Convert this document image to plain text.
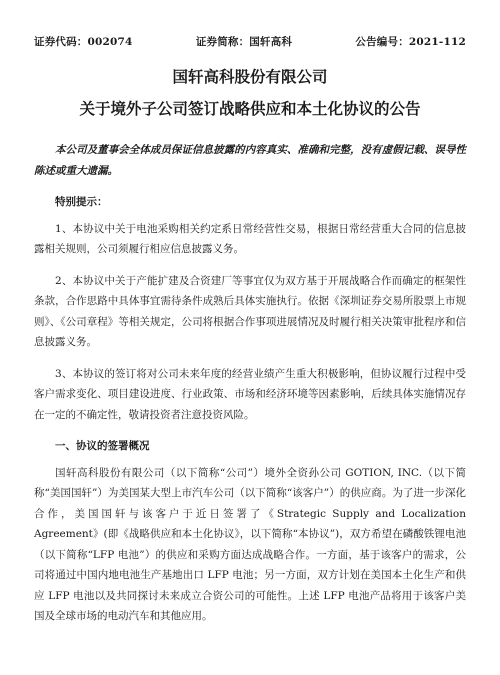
证券代码：002074	证券简称：国轩高科	公告编号：2021-112

国轩高科股份有限公司

关于境外子公司签订战略供应和本土化协议的公告

本公司及董事会全体成员保证信息披露的内容真实、准确和完整，没有虚假记载、误导性陈述或重大遗漏。

特别提示：

1、本协议中关于电池采购相关约定系日常经营性交易，根据日常经营重大合同的信息披露相关规则，公司须履行相应信息披露义务。

2、本协议中关于产能扩建及合资建厂等事宜仅为双方基于开展战略合作而确定的框架性条款，合作思路中具体事宜需待条件成熟后具体实施执行。依据《深圳证券交易所股票上市规则》、《公司章程》等相关规定，公司将根据合作事项进展情况及时履行相关决策审批程序和信息披露义务。

3、本协议的签订将对公司未来年度的经营业绩产生重大积极影响，但协议履行过程中受客户需求变化、项目建设进度、行业政策、市场和经济环境等因素影响，后续具体实施情况存在一定的不确定性，敬请投资者注意投资风险。

一、协议的签署概况

国轩高科股份有限公司（以下简称“公司”）境外全资孙公司 GOTION, INC.（以下简称“美国国轩”）为美国某大型上市汽车公司（以下简称“该客户”）的供应商。为了进一步深化合作，美国国轩与该客户于近日签署了《Strategic Supply and Localization Agreement》(即《战略供应和本土化协议》，以下简称“本协议”)，双方希望在磷酸铁锂电池（以下简称“LFP 电池”）的供应和采购方面达成战略合作。一方面，基于该客户的需求，公司将通过中国内地电池生产基地出口 LFP 电池；另一方面，双方计划在美国本土化生产和供应 LFP 电池以及共同探讨未来成立合资公司的可能性。上述 LFP 电池产品将用于该客户美国及全球市场的电动汽车和其他应用。
